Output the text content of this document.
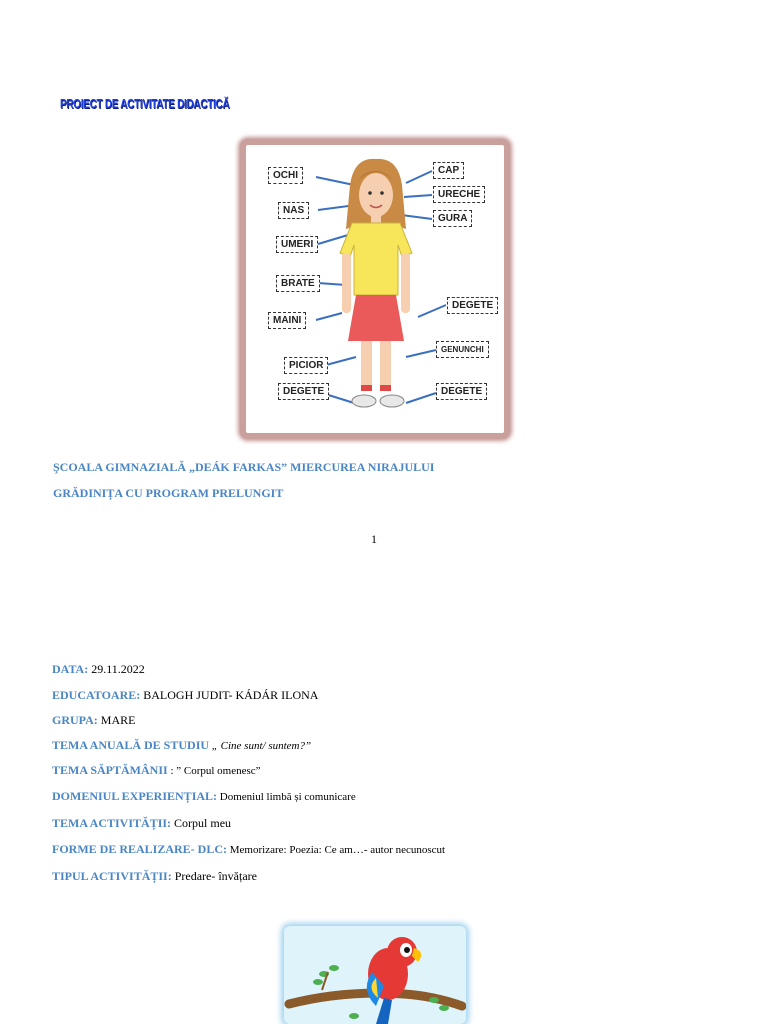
PROIECT DE ACTIVITATE DIDACTICĂ
OCHI
NAS
UMERI
BRATE
MAINI
PICIOR
DEGETE
CAP
URECHE
GURA
DEGETE
GENUNCHI
DEGETE
ŞCOALA GIMNAZIALĂ „DEÁK FARKAS” MIERCUREA NIRAJULUI
GRĂDINIȚA CU PROGRAM PRELUNGIT
1
DATA: 29.11.2022
EDUCATOARE: BALOGH JUDIT- KÁDÁR ILONA
GRUPA: MARE
TEMA ANUALĂ DE STUDIU „ Cine sunt/ suntem?”
TEMA SĂPTĂMÂNII : ” Corpul omenesc”
DOMENIUL EXPERIENȚIAL: Domeniul limbă și comunicare
TEMA ACTIVITĂȚII: Corpul meu
FORME DE REALIZARE- DLC: Memorizare: Poezia: Ce am…- autor necunoscut
TIPUL ACTIVITĂȚII: Predare- învățare
